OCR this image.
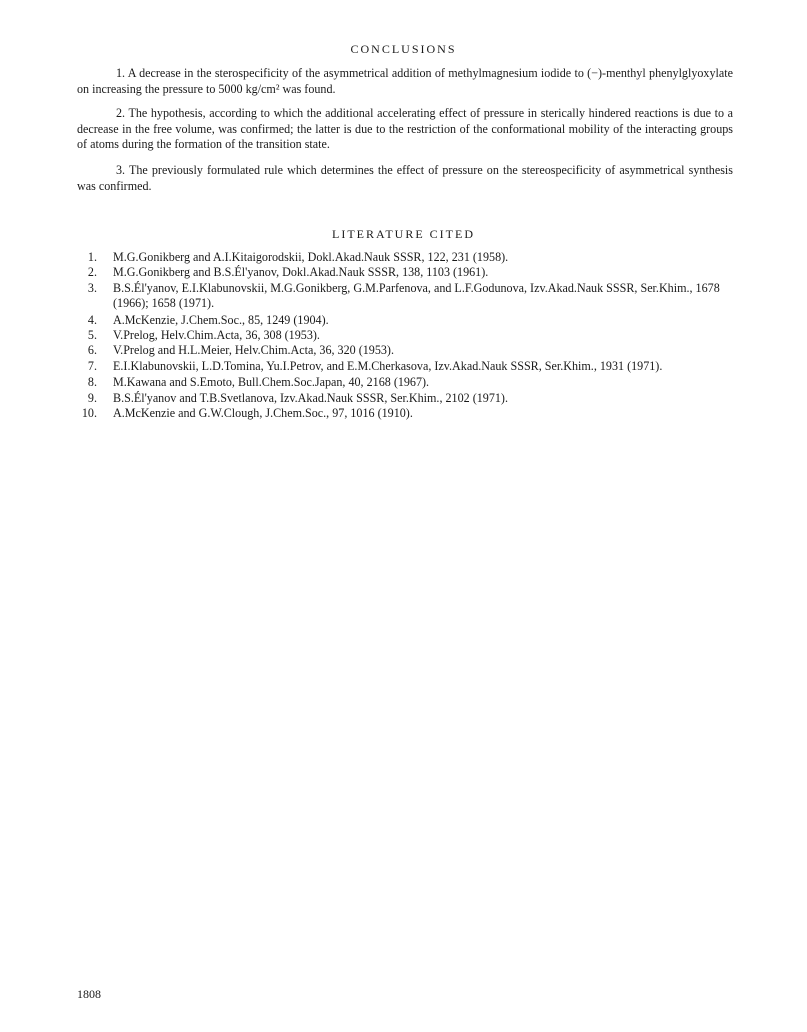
CONCLUSIONS

1. A decrease in the sterospecificity of the asymmetrical addition of methylmagnesium iodide to (−)-menthyl phenylglyoxylate on increasing the pressure to 5000 kg/cm² was found.

2. The hypothesis, according to which the additional accelerating effect of pressure in sterically hindered reactions is due to a decrease in the free volume, was confirmed; the latter is due to the restriction of the conformational mobility of the interacting groups of atoms during the formation of the transition state.

3. The previously formulated rule which determines the effect of pressure on the stereospecificity of asymmetrical synthesis was confirmed.

LITERATURE CITED
1. M.G.Gonikberg and A.I.Kitaigorodskii, Dokl.Akad.Nauk SSSR, 122, 231 (1958).
2. M.G.Gonikberg and B.S.Él'yanov, Dokl.Akad.Nauk SSSR, 138, 1103 (1961).
3. B.S.Él'yanov, E.I.Klabunovskii, M.G.Gonikberg, G.M.Parfenova, and L.F.Godunova, Izv.Akad.Nauk SSSR, Ser.Khim., 1678 (1966); 1658 (1971).
4. A.McKenzie, J.Chem.Soc., 85, 1249 (1904).
5. V.Prelog, Helv.Chim.Acta, 36, 308 (1953).
6. V.Prelog and H.L.Meier, Helv.Chim.Acta, 36, 320 (1953).
7. E.I.Klabunovskii, L.D.Tomina, Yu.I.Petrov, and E.M.Cherkasova, Izv.Akad.Nauk SSSR, Ser.Khim., 1931 (1971).
8. M.Kawana and S.Emoto, Bull.Chem.Soc.Japan, 40, 2168 (1967).
9. B.S.Él'yanov and T.B.Svetlanova, Izv.Akad.Nauk SSSR, Ser.Khim., 2102 (1971).
10. A.McKenzie and G.W.Clough, J.Chem.Soc., 97, 1016 (1910).
1808
